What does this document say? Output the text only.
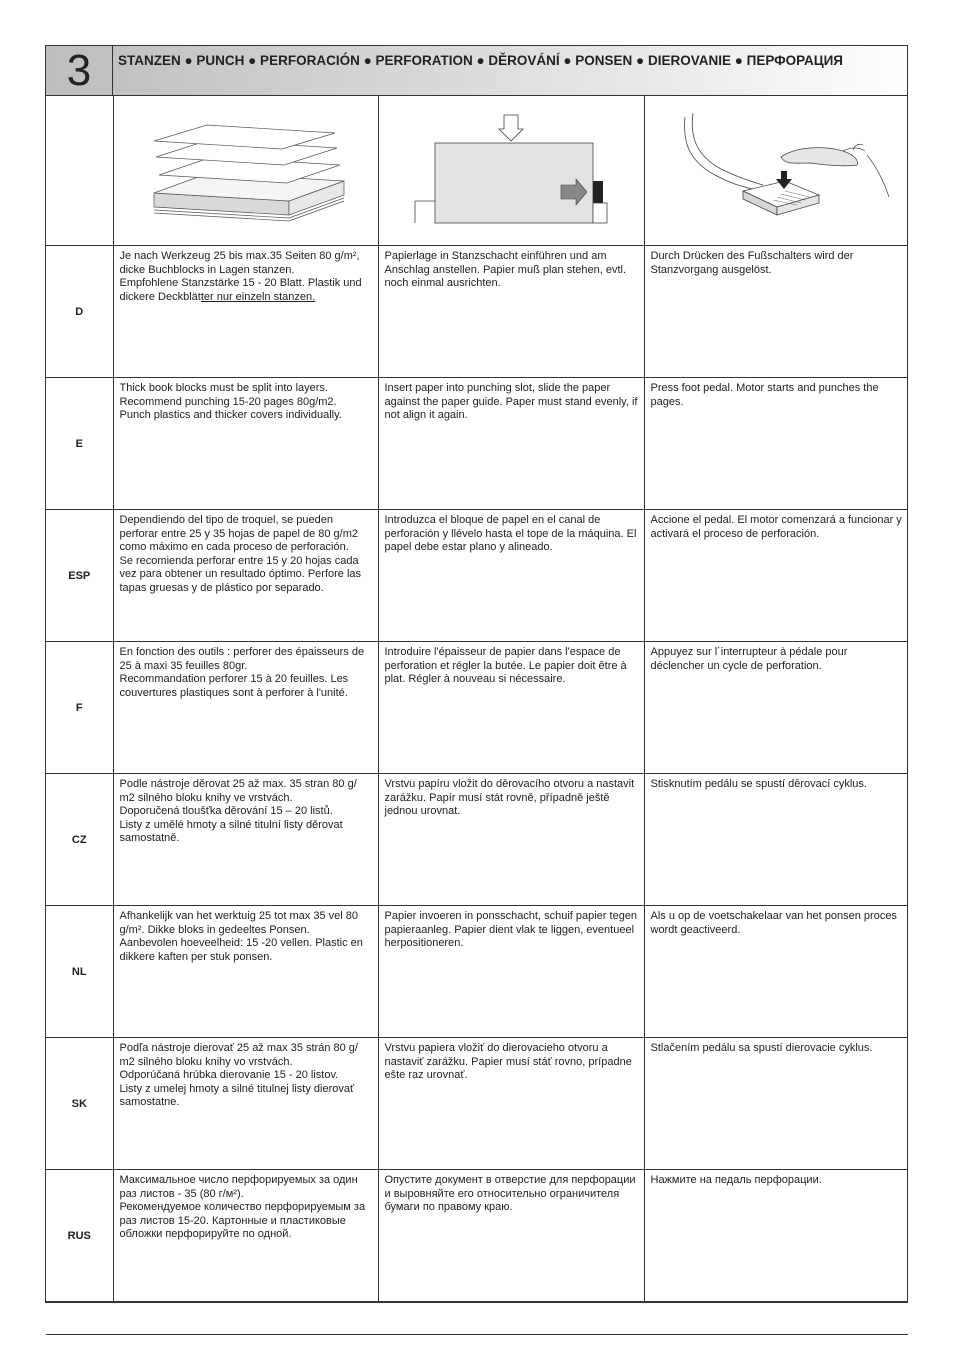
3	STANZEN ● PUNCH ● PERFORACIÓN ● PERFORATION ● DĚROVÁNÍ ● PONSEN ● DIEROVANIE ● ПЕРФОРАЦИЯ

D	Je nach Werkzeug 25 bis max.35 Seiten 80 g/m², dicke Buchblocks in Lagen stanzen.
Empfohlene Stanzstärke 15 - 20 Blatt. Plastik und dickere Deckblätter nur einzeln stanzen.	Papierlage in Stanzschacht einführen und am Anschlag anstellen. Papier muß plan stehen, evtl. noch einmal ausrichten.	Durch Drücken des Fußschalters wird der Stanzvorgang ausgelöst.
E	Thick book blocks must be split into layers.
Recommend punching 15-20 pages 80g/m2.
Punch plastics and thicker covers individually.	Insert paper into punching slot, slide the paper against the paper guide. Paper must stand evenly, if not align it again.	Press foot pedal. Motor starts and punches the pages.
ESP	Dependiendo del tipo de troquel, se pueden perforar entre 25 y 35 hojas de papel de 80 g/m2 como máximo en cada proceso de perforación.
Se recomienda perforar entre 15 y 20 hojas cada vez para obtener un resultado óptimo. Perfore las tapas gruesas y de plástico por separado.	Introduzca el bloque de papel en el canal de perforación y llévelo hasta el tope de la máquina. El papel debe estar plano y alineado.	Accione el pedal. El motor comenzará a funcionar y activará el proceso de perforación.
F	En fonction des outils : perforer des épaisseurs de 25 à maxi 35 feuilles 80gr.
Recommandation perforer 15 à 20 feuilles. Les couvertures plastiques sont à perforer à l'unité.	Introduire l'épaisseur de papier dans l'espace de perforation et régler la butée. Le papier doit être à plat. Régler à nouveau si nécessaire.	Appuyez sur l´interrupteur à pédale pour déclencher un cycle de perforation.
CZ	Podle nástroje děrovat 25 až max. 35 stran 80 g/ m2 silného bloku knihy ve vrstvách.
Doporučená tloušťka děrování 15 – 20 listů.
Listy z umělé hmoty a silné titulní listy děrovat samostatně.	Vrstvu papíru vložit do děrovacího otvoru a nastavit zarážku. Papír musí stát rovně, případně ještě jednou urovnat.	Stisknutím pedálu se spustí děrovací cyklus.
NL	Afhankelijk van het werktuig 25 tot max 35 vel 80 g/m². Dikke bloks in gedeeltes Ponsen.
Aanbevolen hoeveelheid: 15 -20 vellen. Plastic en dikkere kaften per stuk ponsen.	Papier invoeren in ponsschacht, schuif papier tegen papieraanleg. Papier dient vlak te liggen, eventueel herpositioneren.	Als u op de voetschakelaar van het ponsen proces wordt geactiveerd.
SK	Podľa nástroje dierovať 25 až max 35 strán 80 g/ m2 silného bloku knihy vo vrstvách.
Odporúčaná hrúbka dierovanie 15 - 20 listov.
Listy z umelej hmoty a silné titulnej listy dierovať samostatne.	Vrstvu papiera vložiť do dierovacieho otvoru a nastaviť zarážku. Papier musí stáť rovno, prípadne ešte raz urovnať.	Stlačením pedálu sa spustí dierovacie cyklus.
RUS	Максимальное число перфорируемых за один раз листов - 35 (80 г/м²).
Рекомендуемое количество перфорируемым за раз листов 15-20. Картонные и пластиковые обложки перфорируйте по одной.	Опустите документ в отверстие для перфорации и выровняйте его относительно ограничителя бумаги по правому краю.	Нажмите на педаль перфорации.
